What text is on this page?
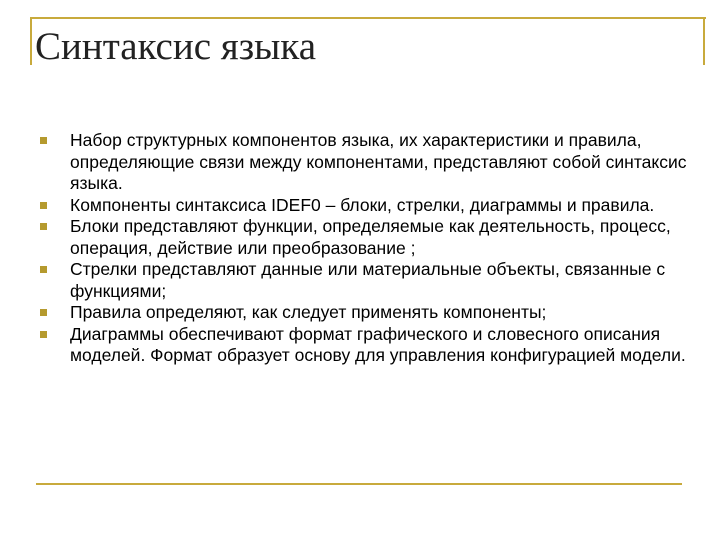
Синтаксис языка
Набор структурных компонентов языка, их характеристики и правила, определяющие связи между компонентами, представляют собой синтаксис языка.
Компоненты синтаксиса IDEF0 – блоки, стрелки, диаграммы и правила.
Блоки представляют функции, определяемые как деятельность, процесс, операция, действие или преобразование ;
Стрелки представляют данные или материальные объекты, связанные с функциями;
Правила определяют, как следует применять компоненты;
Диаграммы обеспечивают формат графического и словесного описания моделей. Формат образует основу для управления конфигурацией модели.
